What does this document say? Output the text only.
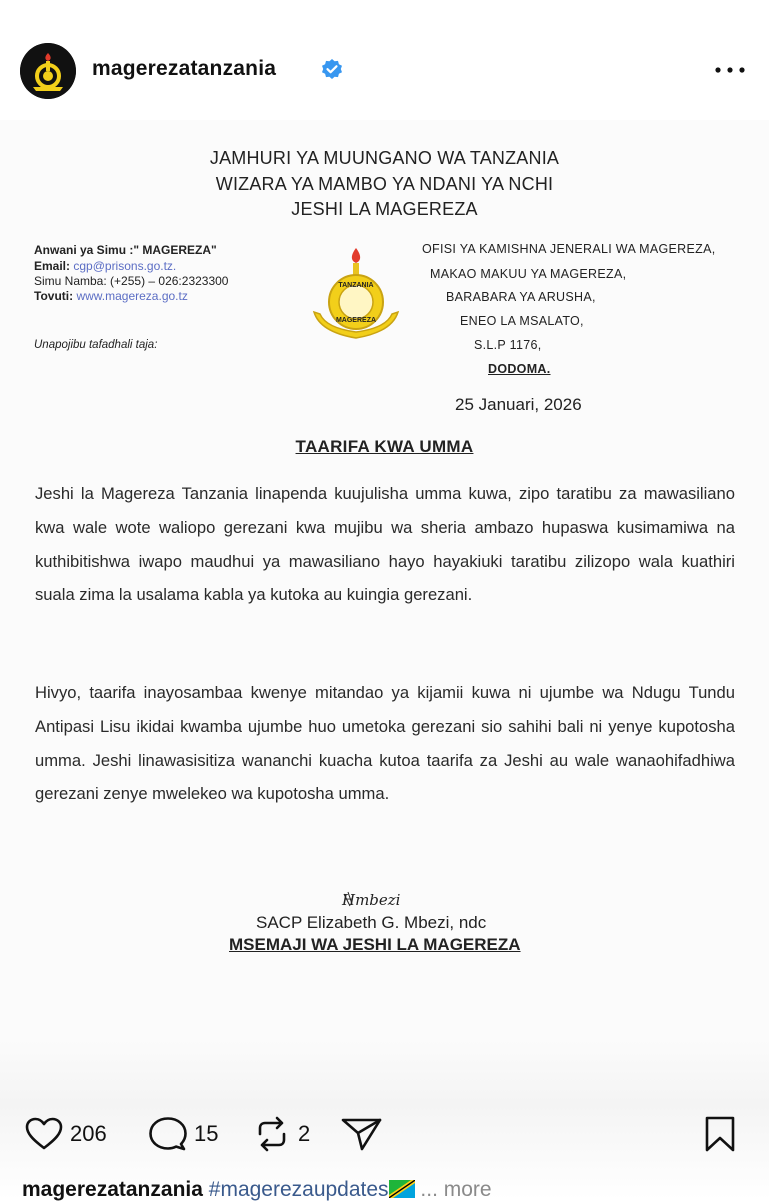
magerezatanzania
JAMHURI YA MUUNGANO WA TANZANIA
WIZARA YA MAMBO YA NDANI YA NCHI
JESHI LA MAGEREZA
Anwani ya Simu :" MAGEREZA"
Email: cgp@prisons.go.tz.
Simu Namba: (+255) – 026:2323300
Tovuti: www.magereza.go.tz
Unapojibu tafadhali taja:
TANZANIA
MAGEREZA
OFISI YA KAMISHNA JENERALI WA MAGEREZA,
MAKAO MAKUU YA MAGEREZA,
BARABARA YA ARUSHA,
ENEO LA MSALATO,
S.L.P 1176,
DODOMA.
25 Januari, 2026
TAARIFA KWA UMMA
Jeshi la Magereza Tanzania linapenda kuujulisha umma kuwa, zipo taratibu za mawasiliano kwa wale wote waliopo gerezani kwa mujibu wa sheria ambazo hupaswa kusimamiwa na kuthibitishwa iwapo maudhui ya mawasiliano hayo hayakiuki taratibu zilizopo wala kuathiri suala zima la usalama kabla ya kutoka au kuingia gerezani.
Hivyo, taarifa inayosambaa kwenye mitandao ya kijamii kuwa ni ujumbe wa Ndugu Tundu Antipasi Lisu ikidai kwamba ujumbe huo umetoka gerezani sio sahihi bali ni yenye kupotosha umma. Jeshi linawasisitiza wananchi kuacha kutoa taarifa za Jeshi au wale wanaohifadhiwa gerezani zenye mwelekeo wa kupotosha umma.
Hmbezi
SACP Elizabeth G. Mbezi, ndc
MSEMAJI WA JESHI LA MAGEREZA
206	15	2
magerezatanzania #magerezaupdates ... more
